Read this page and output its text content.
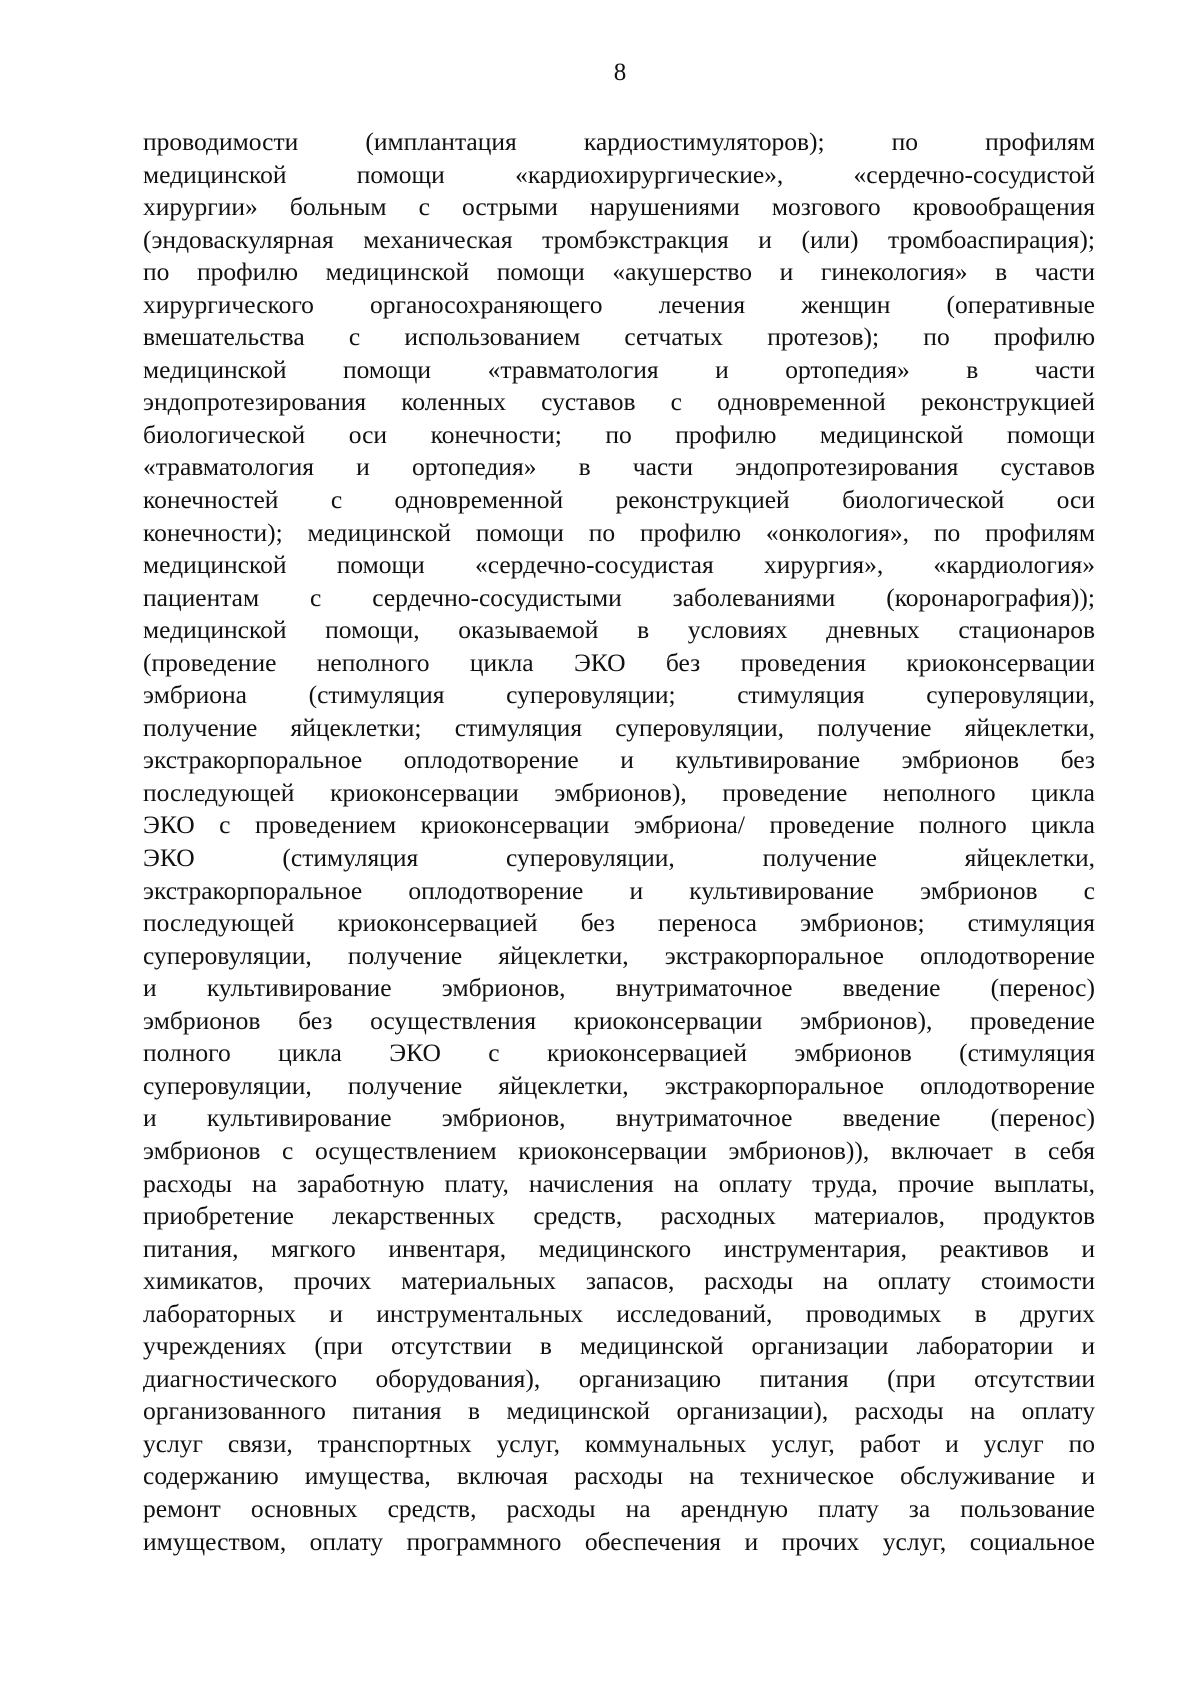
8
проводимости (имплантация кардиостимуляторов); по профилям
медицинской помощи «кардиохирургические», «сердечно-сосудистой
хирургии» больным с острыми нарушениями мозгового кровообращения
(эндоваскулярная механическая тромбэкстракция и (или) тромбоаспирация);
по профилю медицинской помощи «акушерство и гинекология» в части
хирургического органосохраняющего лечения женщин (оперативные
вмешательства с использованием сетчатых протезов); по профилю
медицинской помощи «травматология и ортопедия» в части
эндопротезирования коленных суставов с одновременной реконструкцией
биологической оси конечности; по профилю медицинской помощи
«травматология и ортопедия» в части эндопротезирования суставов
конечностей с одновременной реконструкцией биологической оси
конечности); медицинской помощи по профилю «онкология», по профилям
медицинской помощи «сердечно-сосудистая хирургия», «кардиология»
пациентам с сердечно-сосудистыми заболеваниями (коронарография));
медицинской помощи, оказываемой в условиях дневных стационаров
(проведение неполного цикла ЭКО без проведения криоконсервации
эмбриона (стимуляция суперовуляции; стимуляция суперовуляции,
получение яйцеклетки; стимуляция суперовуляции, получение яйцеклетки,
экстракорпоральное оплодотворение и культивирование эмбрионов без
последующей криоконсервации эмбрионов), проведение неполного цикла
ЭКО с проведением криоконсервации эмбриона/ проведение полного цикла
ЭКО (стимуляция суперовуляции, получение яйцеклетки,
экстракорпоральное оплодотворение и культивирование эмбрионов с
последующей криоконсервацией без переноса эмбрионов; стимуляция
суперовуляции, получение яйцеклетки, экстракорпоральное оплодотворение
и культивирование эмбрионов, внутриматочное введение (перенос)
эмбрионов без осуществления криоконсервации эмбрионов), проведение
полного цикла ЭКО с криоконсервацией эмбрионов (стимуляция
суперовуляции, получение яйцеклетки, экстракорпоральное оплодотворение
и культивирование эмбрионов, внутриматочное введение (перенос)
эмбрионов с осуществлением криоконсервации эмбрионов)), включает в себя
расходы на заработную плату, начисления на оплату труда, прочие выплаты,
приобретение лекарственных средств, расходных материалов, продуктов
питания, мягкого инвентаря, медицинского инструментария, реактивов и
химикатов, прочих материальных запасов, расходы на оплату стоимости
лабораторных и инструментальных исследований, проводимых в других
учреждениях (при отсутствии в медицинской организации лаборатории и
диагностического оборудования), организацию питания (при отсутствии
организованного питания в медицинской организации), расходы на оплату
услуг связи, транспортных услуг, коммунальных услуг, работ и услуг по
содержанию имущества, включая расходы на техническое обслуживание и
ремонт основных средств, расходы на арендную плату за пользование
имуществом, оплату программного обеспечения и прочих услуг, социальное
